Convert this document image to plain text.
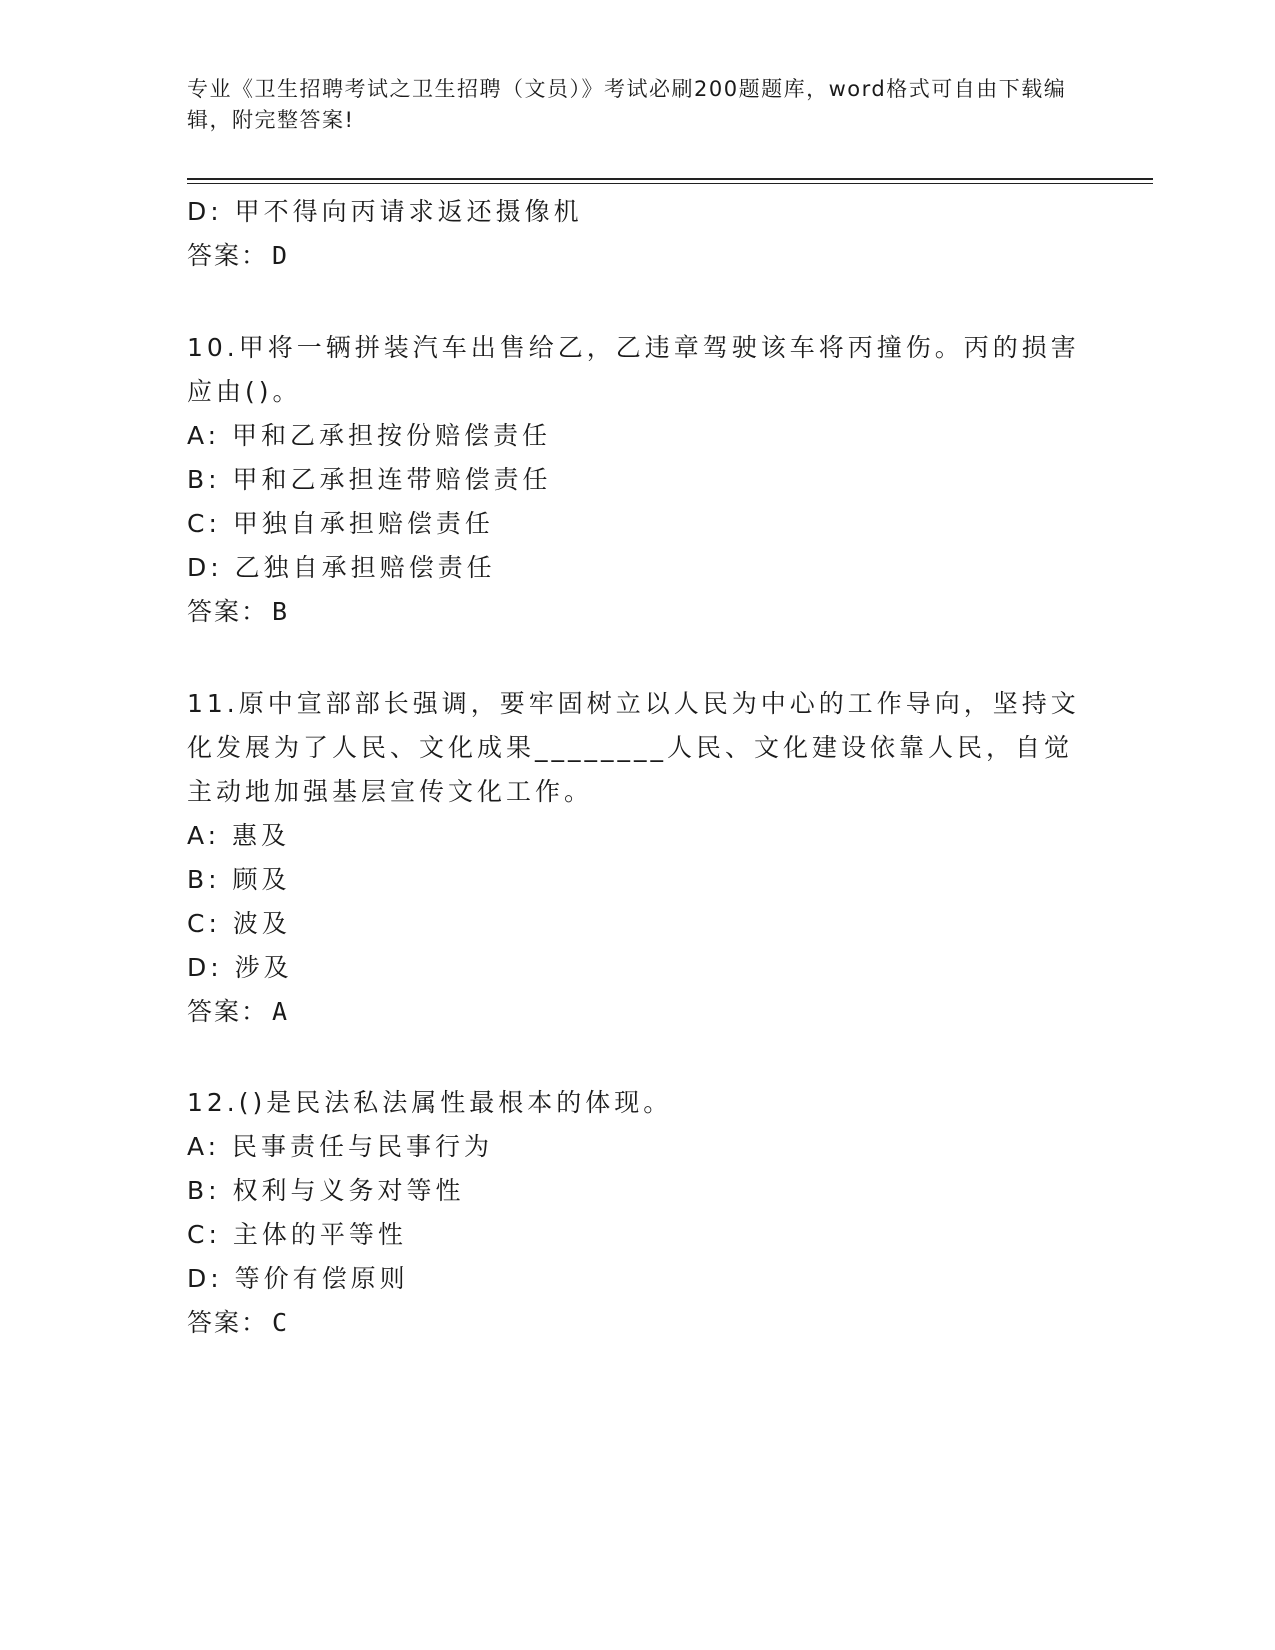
专业《卫生招聘考试之卫生招聘（文员）》考试必刷200题题库，word格式可自由下载编辑，附完整答案!
D: 甲不得向丙请求返还摄像机
答案： D
10.甲将一辆拼装汽车出售给乙，乙违章驾驶该车将丙撞伤。丙的损害
应由()。
A: 甲和乙承担按份赔偿责任
B: 甲和乙承担连带赔偿责任
C: 甲独自承担赔偿责任
D: 乙独自承担赔偿责任
答案： B
11.原中宣部部长强调，要牢固树立以人民为中心的工作导向，坚持文
化发展为了人民、文化成果________人民、文化建设依靠人民，自觉
主动地加强基层宣传文化工作。
A: 惠及
B: 顾及
C: 波及
D: 涉及
答案： A
12.()是民法私法属性最根本的体现。
A: 民事责任与民事行为
B: 权利与义务对等性
C: 主体的平等性
D: 等价有偿原则
答案： C
